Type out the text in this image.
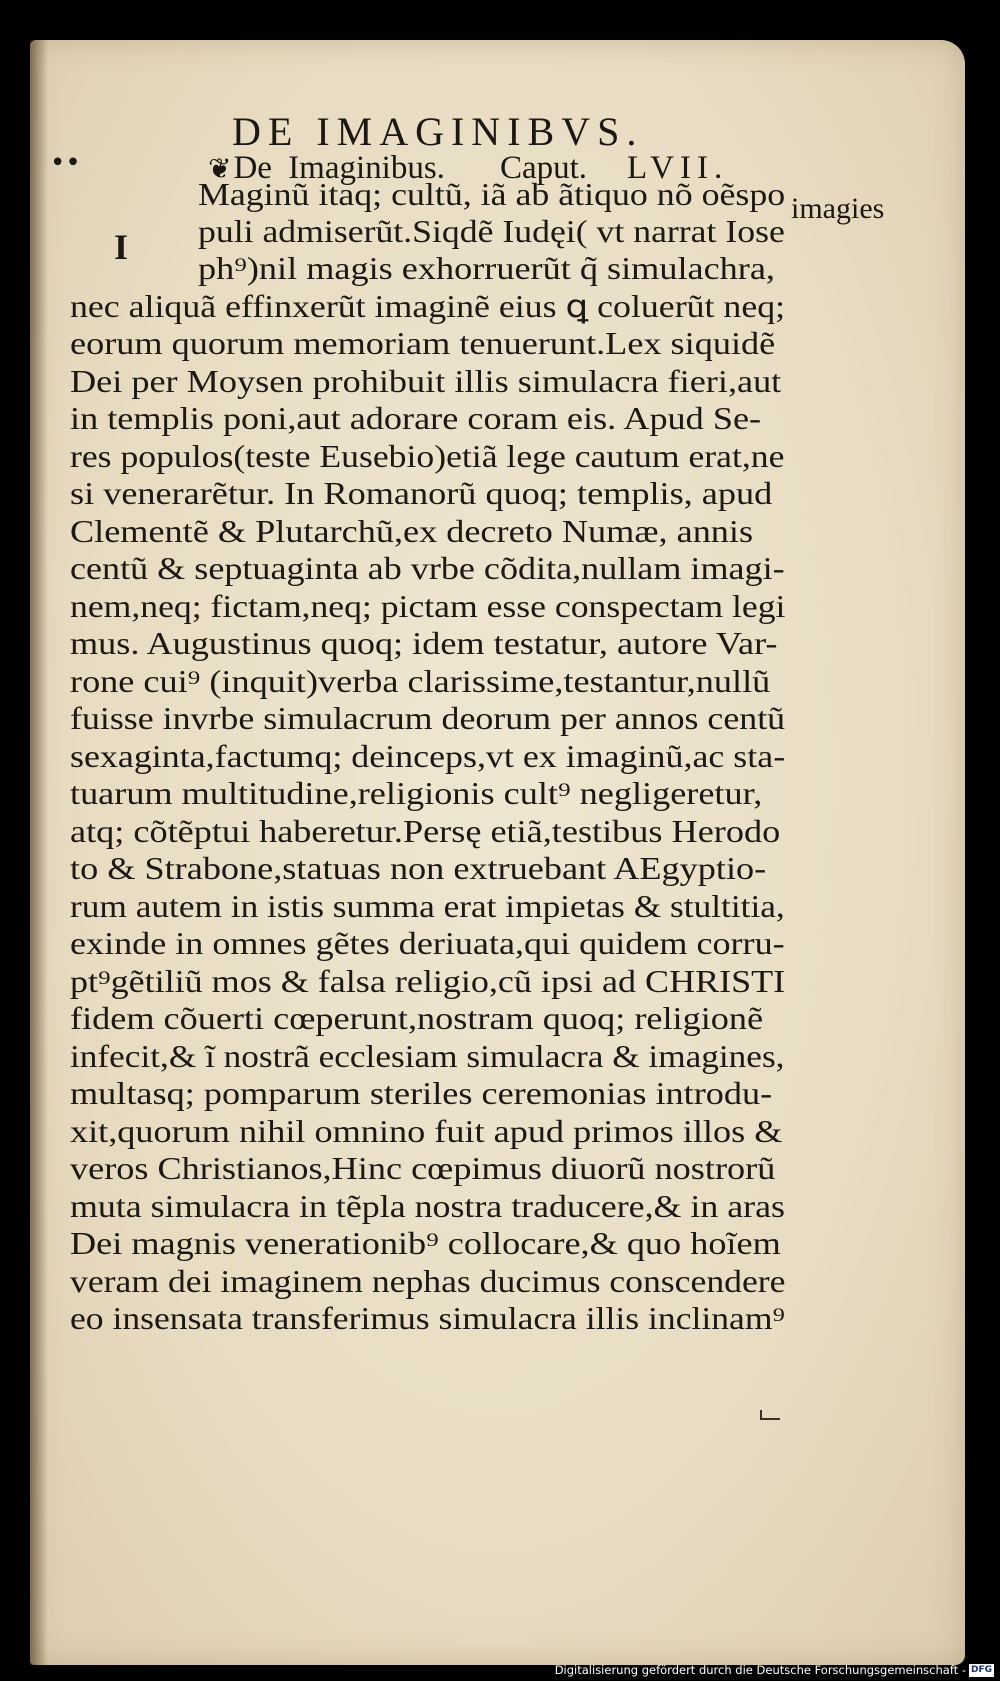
DE IMAGINIBVS.
••	❦De Imaginibus. Caput. LVII.
imagies
I
Maginũ itaq; cultũ, iã ab ãtiquo nõ oẽspo
puli admiserũt.Siqdẽ Iudęi( vt narrat Iose
ph⁹)nil magis exhorruerũt q̃ simulachra,
nec aliquã effinxerũt imaginẽ eius ꝗ coluerũt neq;
eorum quorum memoriam tenuerunt.Lex siquidẽ
Dei per Moysen prohibuit illis simulacra fieri,aut
in templis poni,aut adorare coram eis. Apud Se-
res populos(teste Eusebio)etiã lege cautum erat,ne
si venerarẽtur. In Romanorũ quoq; templis, apud
Clementẽ & Plutarchũ,ex decreto Numæ, annis
centũ & septuaginta ab vrbe cõdita,nullam imagi-
nem,neq; fictam,neq; pictam esse conspectam legi
mus. Augustinus quoq; idem testatur, autore Var-
rone cui⁹ (inquit)verba clarissime,testantur,nullũ
fuisse invrbe simulacrum deorum per annos centũ
sexaginta,factumq; deinceps,vt ex imaginũ,ac sta-
tuarum multitudine,religionis cult⁹ negligeretur,
atq; cõtẽptui haberetur.Persę etiã,testibus Herodo
to & Strabone,statuas non extruebant AEgyptio-
rum autem in istis summa erat impietas & stultitia,
exinde in omnes gẽtes deriuata,qui quidem corru-
pt⁹gẽtiliũ mos & falsa religio,cũ ipsi ad CHRISTI
fidem cõuerti cœperunt,nostram quoq; religionẽ
infecit,& ĩ nostrã ecclesiam simulacra & imagines,
multasq; pomparum steriles ceremonias introdu-
xit,quorum nihil omnino fuit apud primos illos &
veros Christianos,Hinc cœpimus diuorũ nostrorũ
muta simulacra in tẽpla nostra traducere,& in aras
Dei magnis venerationib⁹ collocare,& quo hoĩem
veram dei imaginem nephas ducimus conscendere
eo insensata transferimus simulacra illis inclinam⁹
Digitalisierung gefördert durch die Deutsche Forschungsgemeinschaft - DFG
